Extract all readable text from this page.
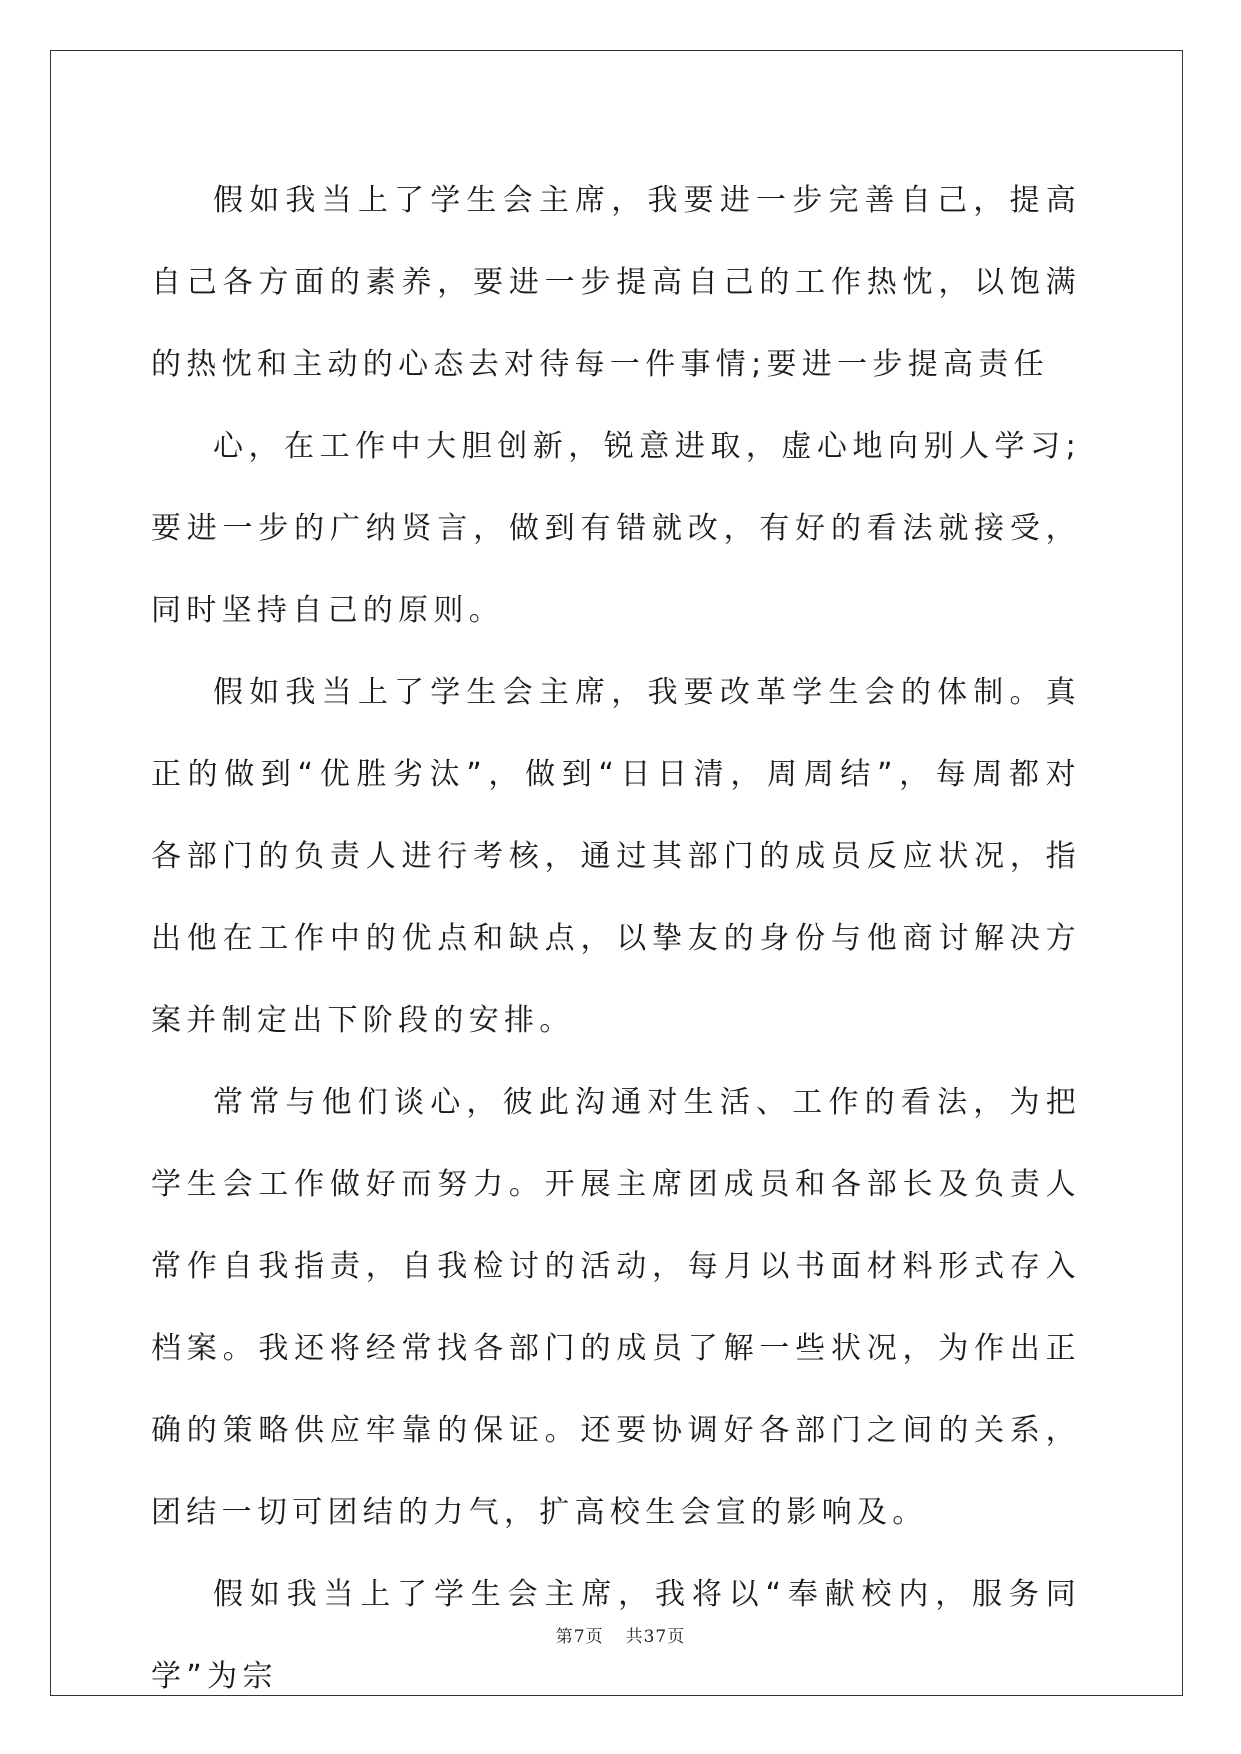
假如我当上了学生会主席，我要进一步完善自己，提高自己各方面的素养，要进一步提高自己的工作热忱，以饱满的热忱和主动的心态去对待每一件事情;要进一步提高责任

心，在工作中大胆创新，锐意进取，虚心地向别人学习;要进一步的广纳贤言，做到有错就改，有好的看法就接受，同时坚持自己的原则。

假如我当上了学生会主席，我要改革学生会的体制。真正的做到“优胜劣汰”，做到“日日清，周周结”，每周都对各部门的负责人进行考核，通过其部门的成员反应状况，指出他在工作中的优点和缺点，以挚友的身份与他商讨解决方案并制定出下阶段的安排。

常常与他们谈心，彼此沟通对生活、工作的看法，为把学生会工作做好而努力。开展主席团成员和各部长及负责人常作自我指责，自我检讨的活动，每月以书面材料形式存入档案。我还将经常找各部门的成员了解一些状况，为作出正确的策略供应牢靠的保证。还要协调好各部门之间的关系，团结一切可团结的力气，扩高校生会宣的影响及。

假如我当上了学生会主席，我将以“奉献校内，服务同学”为宗

第7页 共37页
